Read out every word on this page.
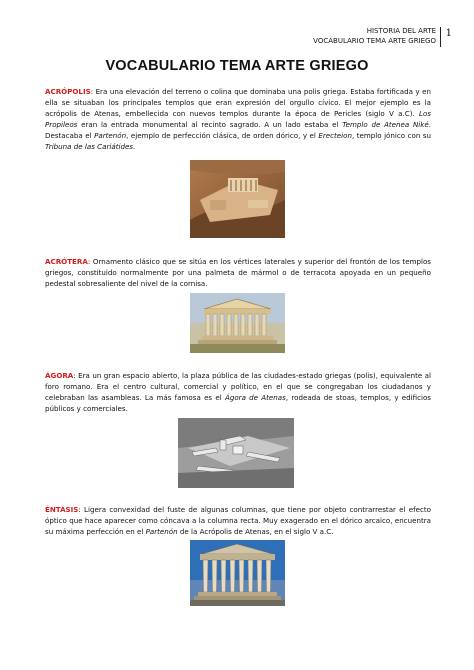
HISTORIA DEL ARTE
VOCABULARIO TEMA ARTE GRIEGO
1
VOCABULARIO TEMA ARTE GRIEGO
ACRÓPOLIS: Era una elevación del terreno o colina que dominaba una polis griega. Estaba fortificada y en ella se situaban los principales templos que eran expresión del orgullo cívico. El mejor ejemplo es la acrópolis de Atenas, embellecida con nuevos templos durante la época de Pericles (siglo V a.C). Los Propileos eran la entrada monumental al recinto sagrado. A un lado estaba el Templo de Atenea Niké. Destacaba el Partenón, ejemplo de perfección clásica, de orden dórico, y el Erecteion, templo jónico con su Tribuna de las Cariátides.
ACRÓTERA: Ornamento clásico que se sitúa en los vértices laterales y superior del frontón de los templos griegos, constituido normalmente por una palmeta de mármol o de terracota apoyada en un pequeño pedestal sobresaliente del nivel de la cornisa.
ÁGORA: Era un gran espacio abierto, la plaza pública de las ciudades-estado griegas (polis), equivalente al foro romano. Era el centro cultural, comercial y político, en el que se congregaban los ciudadanos y celebraban las asambleas. La más famosa es el Ágora de Atenas, rodeada de stoas, templos, y edificios públicos y comerciales.
ÉNTASIS: Ligera convexidad del fuste de algunas columnas, que tiene por objeto contrarrestar el efecto óptico que hace aparecer como cóncava a la columna recta. Muy exagerado en el dórico arcaico, encuentra su máxima perfección en el Partenón de la Acrópolis de Atenas, en el siglo V a.C.
